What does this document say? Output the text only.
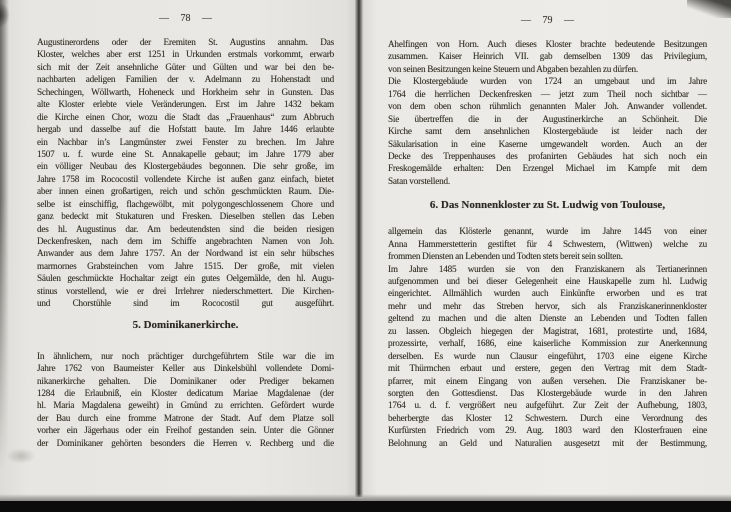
— 78 —
Augustinerordens oder der Eremiten St. Augustins annahm. Das
Kloster, welches aber erst 1251 in Urkunden erstmals vorkommt, erwarb
sich mit der Zeit ansehnliche Güter und Gülten und war bei den be-
nachbarten adeligen Familien der v. Adelmann zu Hohenstadt und
Schechingen, Wöllwarth, Hoheneck und Horkheim sehr in Gunsten. Das
alte Kloster erlebte viele Veränderungen. Erst im Jahre 1432 bekam
die Kirche einen Chor, wozu die Stadt das „Frauenhaus“ zum Abbruch
hergab und dasselbe auf die Hofstatt baute. Im Jahre 1446 erlaubte
ein Nachbar in’s Langmünster zwei Fenster zu brechen. Im Jahre
1507 u. f. wurde eine St. Annakapelle gebaut; im Jahre 1779 aber
ein völliger Neubau des Klostergebäudes begonnen. Die sehr große, im
Jahre 1758 im Rococostil vollendete Kirche ist außen ganz einfach, bietet
aber innen einen großartigen, reich und schön geschmückten Raum. Die-
selbe ist einschiffig, flachgewölbt, mit polygongeschlossenem Chore und
ganz bedeckt mit Stukaturen und Fresken. Dieselben stellen das Leben
des hl. Augustinus dar. Am bedeutendsten sind die beiden riesigen
Deckenfresken, nach dem im Schiffe angebrachten Namen von Joh.
Anwander aus dem Jahre 1757. An der Nordwand ist ein sehr hübsches
marmornes Grabsteinchen vom Jahre 1515. Der große, mit vielen
Säulen geschmückte Hochaltar zeigt ein gutes Oelgemälde, den hl. Augu-
stinus vorstellend, wie er drei Irrlehrer niederschmettert. Die Kirchen-
und Chorstühle sind im Rococostil gut ausgeführt.
5. Dominikanerkirche.
In ähnlichem, nur noch prächtiger durchgeführtem Stile war die im
Jahre 1762 von Baumeister Keller aus Dinkelsbühl vollendete Domi-
nikanerkirche gehalten. Die Dominikaner oder Prediger bekamen
1284 die Erlaubniß, ein Kloster dedicatum Mariae Magdalenae (der
hl. Maria Magdalena geweiht) in Gmünd zu errichten. Gefördert wurde
der Bau durch eine fromme Matrone der Stadt. Auf dem Platze soll
vorher ein Jägerhaus oder ein Freihof gestanden sein. Unter die Gönner
der Dominikaner gehörten besonders die Herren v. Rechberg und die
— 79 —
Ahelfingen von Horn. Auch dieses Kloster brachte bedeutende Besitzungen
zusammen. Kaiser Heinrich VII. gab demselben 1309 das Privilegium,
von seinen Besitzungen keine Steuern und Abgaben bezahlen zu dürfen.
Die Klostergebäude wurden von 1724 an umgebaut und im Jahre
1764 die herrlichen Deckenfresken — jetzt zum Theil noch sichtbar —
von dem oben schon rühmlich genannten Maler Joh. Anwander vollendet.
Sie übertreffen die in der Augustinerkirche an Schönheit. Die
Kirche samt dem ansehnlichen Klostergebäude ist leider nach der
Säkularisation in eine Kaserne umgewandelt worden. Auch an der
Decke des Treppenhauses des profanirten Gebäudes hat sich noch ein
Freskogemälde erhalten: Den Erzengel Michael im Kampfe mit dem
Satan vorstellend.
6. Das Nonnenkloster zu St. Ludwig von Toulouse,
allgemein das Klösterle genannt, wurde im Jahre 1445 von einer
Anna Hammerstetterin gestiftet für 4 Schwestern, (Wittwen) welche zu
frommen Diensten an Lebenden und Todten stets bereit sein sollten.
Im Jahre 1485 wurden sie von den Franziskanern als Tertianerinnen
aufgenommen und bei dieser Gelegenheit eine Hauskapelle zum hl. Ludwig
eingerichtet. Allmählich wurden auch Einkünfte erworben und es trat
mehr und mehr das Streben hervor, sich als Franziskanerinnenkloster
geltend zu machen und die alten Dienste an Lebenden und Todten fallen
zu lassen. Obgleich hiegegen der Magistrat, 1681, protestirte und, 1684,
prozessirte, verhalf, 1686, eine kaiserliche Kommission zur Anerkennung
derselben. Es wurde nun Clausur eingeführt, 1703 eine eigene Kirche
mit Thürmchen erbaut und erstere, gegen den Vertrag mit dem Stadt-
pfarrer, mit einem Eingang von außen versehen. Die Franziskaner be-
sorgten den Gottesdienst. Das Klostergebäude wurde in den Jahren
1764 u. d. f. vergrößert neu aufgeführt. Zur Zeit der Aufhebung, 1803,
beherbergte das Kloster 12 Schwestern. Durch eine Verordnung des
Kurfürsten Friedrich vom 29. Aug. 1803 ward den Klosterfrauen eine
Belohnung an Geld und Naturalien ausgesetzt mit der Bestimmung,
